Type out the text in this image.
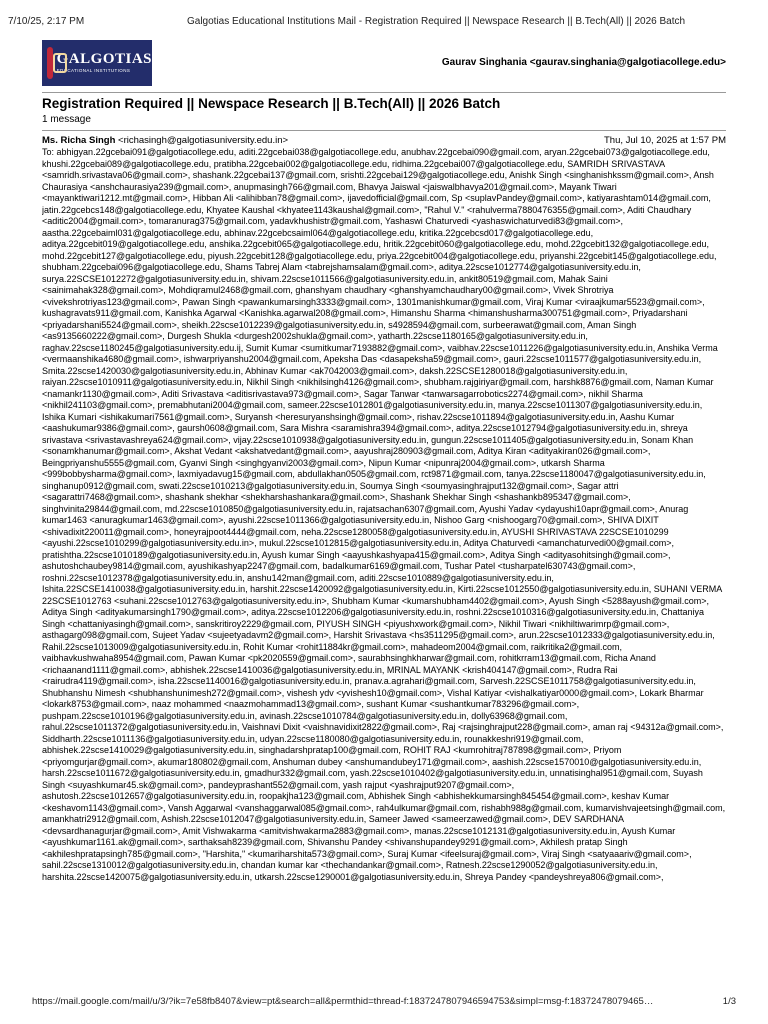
7/10/25, 2:17 PM	Galgotias Educational Institutions Mail - Registration Required || Newspace Research || B.Tech(All) || 2026 Batch
GALGOTIAS
EDUCATIONAL INSTITUTIONS
Gaurav Singhania <gaurav.singhania@galgotiacollege.edu>
Registration Required || Newspace Research || B.Tech(All) || 2026 Batch
1 message
Ms. Richa Singh <richasingh@galgotiasuniversity.edu.in>	Thu, Jul 10, 2025 at 1:57 PM
To: abhigyan.22gcebai091@galgotiacollege.edu, aditi.22gcebai038@galgotiacollege.edu, anubhav.22gcebai090@gmail.com, aryan.22gcebai073@galgotiacollege.edu, khushi.22gcebai089@galgotiacollege.edu, pratibha.22gcebai002@galgotiacollege.edu, ridhima.22gcebai007@galgotiacollege.edu, SAMRIDH SRIVASTAVA <samridh.srivastava06@gmail.com>, shashank.22gcebai137@gmail.com, srishti.22gcebai129@galgotiacollege.edu, Anishk Singh <singhanishkssm@gmail.com>, Ansh Chaurasiya <anshchaurasiya239@gmail.com>, anupmasingh766@gmail.com, Bhavya Jaiswal <jaiswalbhavya201@gmail.com>, Mayank Tiwari <mayanktiwari1212.mt@gmail.com>, Hibban Ali <alihibban78@gmail.com>, ijavedofficial@gmail.com, Sp <suplavPandey@gmail.com>, katiyarashtam014@gmail.com, jatin.22gcebcs148@galgotiacollege.edu, Khyatee Kaushal <khyatee1143kaushal@gmail.com>, "Rahul V." <rahulverma7880476355@gmail.com>, Aditi Chaudhary <aditic2004@gmail.com>, tomaranurag375@gmail.com, yadavkhushistr@gmail.com, Yashaswi Chaturvedi <yashaswichaturvedi83@gmail.com>, aastha.22gcebaiml031@galgotiacollege.edu, abhinav.22gcebcsaiml064@galgotiacollege.edu, kritika.22gcebcsd017@galgotiacollege.edu, aditya.22gcebit019@galgotiacollege.edu, anshika.22gcebit065@galgotiacollege.edu, hritik.22gcebit060@galgotiacollege.edu, mohd.22gcebit132@galgotiacollege.edu, mohd.22gcebit127@galgotiacollege.edu, piyush.22gcebit128@galgotiacollege.edu, priya.22gcebit004@galgotiacollege.edu, priyanshi.22gcebit145@galgotiacollege.edu, shubham.22gcebai096@galgotiacollege.edu, Shams Tabrej Alam <tabrejshamsalam@gmail.com>, aditya.22scse1012774@galgotiasuniversity.edu.in, surya.22SCSE1012272@galgotiasuniversity.edu.in, shivam.22scse1011566@galgotiasuniversity.edu.in, ankit80519@gmail.com, Mahak Saini <sainimahak328@gmail.com>, Mohdiqramul2468@gmail.com, ghanshyam chaudhary <ghanshyamchaudhary00@gmail.com>, Vivek Shrotriya <vivekshrotriyas123@gmail.com>, Pawan Singh <pawankumarsingh3333@gmail.com>, 1301manishkumar@gmail.com, Viraj Kumar <viraajkumar5523@gmail.com>, kushagravats911@gmail.com, Kanishka Agarwal <Kanishka.agarwal208@gmail.com>, Himanshu Sharma <himanshusharma300751@gmail.com>, Priyadarshani <priyadarshani5524@gmail.com>, sheikh.22scse1012239@galgotiasuniversity.edu.in, s4928594@gmail.com, surbeerawat@gmail.com, Aman Singh <as9135660222@gmail.com>, Durgesh Shukla <durgesh2002shukla@gmail.com>, yatharth.22scse1180165@galgotiasuniversity.edu.in, raghav.22scse1180245@galgotiasuniversity.edu.ij, Sumit Kumar <sumitkumar7193882@gmail.com>, vaibhav.22scse1011226@galgotiasuniversity.edu.in, Anshika Verma <vermaanshika4680@gmail.com>, ishwarpriyanshu2004@gmail.com, Apeksha Das <dasapeksha59@gmail.com>, gauri.22scse1011577@galgotiasuniversity.edu.in, Smita.22scse1420030@galgotiasuniversity.edu.in, Abhinav Kumar <ak7042003@gmail.com>, daksh.22SCSE1280018@galgotiasuniversity.edu.in, raiyan.22scse1010911@galgotiasuniversity.edu.in, Nikhil Singh <nikhilsingh4126@gmail.com>, shubham.rajgiriyar@gmail.com, harshk8876@gmail.com, Naman Kumar <namankr1130@gmail.com>, Aditi Srivastava <aditisrivastava973@gmail.com>, Sagar Tanwar <tanwarsagarrobotics2274@gmail.com>, nikhil Sharma <nikhil241103@gmail.com>, premabhutani2004@gmail.com, sameer.22scse1012801@galgotiasuniversity.edu.in, manya.22scse1011307@galgotiasuniversity.edu.in, Ishika Kumari <ishikakumari7561@gmail.com>, Suryansh <heresuryanshsingh@gmail.com>, rishav.22scse1011894@galgotiasuniversity.edu.in, Aashu Kumar <aashukumar9386@gmail.com>, gaursh0608@gmail.com, Sara Mishra <saramishra394@gmail.com>, aditya.22scse1012794@galgotiasuniversity.edu.in, shreya srivastava <srivastavashreya624@gmail.com>, vijay.22scse1010938@galgotiasuniversity.edu.in, gungun.22scse1011405@galgotiasuniversity.edu.in, Sonam Khan <sonamkhanumar@gmail.com>, Akshat Vedant <akshatvedant@gmail.com>, aayushraj280903@gmail.com, Aditya Kiran <adityakiran026@gmail.com>, Beingpriyanshu5555@gmail.com, Gyanvi Singh <singhgyanvi2003@gmail.com>, Nipun Kumar <nipunraj2004@gmail.com>, utkarsh Sharma <999bobbysharma@gmail.com>, laxmiyadavug15@gmail.com, abdullakhan0505@gmail.com, rct9871@gmail.com, tanya.22scse1180047@galgotiasuniversity.edu.in, singhanup0912@gmail.com, swati.22scse1010213@galgotiasuniversity.edu.in, Soumya Singh <soumyasinghrajput132@gmail.com>, Sagar attri <sagarattri7468@gmail.com>, shashank shekhar <shekharshashankara@gmail.com>, Shashank Shekhar Singh <shashankb895347@gmail.com>, singhvinita29844@gmail.com, md.22scse1010850@galgotiasuniversity.edu.in, rajatsachan6307@gmail.com, Ayushi Yadav <ydayushi10apr@gmail.com>, Anurag kumar1463 <anuragkumar1463@gmail.com>, ayushi.22scse1011366@galgotiasuniversity.edu.in, Nishoo Garg <nishoogarg70@gmail.com>, SHIVA DIXIT <shivadixit220011@gmail.com>, honeyrajpoot4444@gmail.com, neha.22scse1280058@galgotiasuniversity.edu.in, AYUSHI SHRIVASTAVA 22SCSE1010299 <ayushi.22scse1010299@galgotiasuniversity.edu.in>, mukul.22scse1012815@galgotiasuniversity.edu.in, Aditya Chaturvedi <amanchaturvedi00@gmail.com>, pratishtha.22scse1010189@galgotiasuniversity.edu.in, Ayush kumar Singh <aayushkashyapa415@gmail.com>, Aditya Singh <adityasohitsingh@gmail.com>, ashutoshchaubey9814@gmail.com, ayushikashyap2247@gmail.com, badalkumar6169@gmail.com, Tushar Patel <tusharpatel630743@gmail.com>, roshni.22scse1012378@galgotiasuniversity.edu.in, anshu142man@gmail.com, aditi.22scse1010889@galgotiasuniversity.edu.in, Ishita.22SCSE1410038@galgotiasuniversity.edu.in, harshit.22scse1420092@galgotiasuniversity.edu.in, Kirti.22scse1012550@galgotiasuniversity.edu.in, SUHANI VERMA 22SCSE1012763 <suhani.22scse1012763@galgotiasuniversity.edu.in>, Shubham Kumar <kumarshubham4402@gmail.com>, Ayush Singh <5288ayush@gmail.com>, Aditya Singh <adityakumarsingh1790@gmail.com>, aditya.22scse1012206@galgotiasuniversity.edu.in, roshni.22scse1010316@galgotiasuniversity.edu.in, Chattaniya Singh <chattaniyasingh@gmail.com>, sanskritiroy2229@gmail.com, PIYUSH SINGH <piyushxwork@gmail.com>, Nikhil Tiwari <nikhiltiwarimrp@gmail.com>, asthagarg098@gmail.com, Sujeet Yadav <sujeetyadavm2@gmail.com>, Harshit Srivastava <hs3511295@gmail.com>, arun.22scse1012333@galgotiasuniversity.edu.in, Rahil.22scse1013009@galgotiasuniversity.edu.in, Rohit Kumar <rohit11884kr@gmail.com>, mahadeom2004@gmail.com, raikritika2@gmail.com, vaibhavkushwaha8954@gmail.com, Pawan Kumar <pk2020559@gmail.com>, saurabhsinghkharwar@gmail.com, rohitkrram13@gmail.com, Richa Anand <richaanand1111@gmail.com>, abhishek.22scse1410036@galgotiasuniversity.edu.in, MRINAL MAYANK <krish404147@gmail.com>, Rudra Rai <rairudra4119@gmail.com>, isha.22scse1140016@galgotiasuniversity.edu.in, pranav.a.agrahari@gmail.com, Sarvesh.22SCSE1011758@galgotiasuniversity.edu.in, Shubhanshu Nimesh <shubhanshunimesh272@gmail.com>, vishesh ydv <yvishesh10@gmail.com>, Vishal Katiyar <vishalkatiyar0000@gmail.com>, Lokark Bharmar <lokark8753@gmail.com>, naaz mohammed <naazmohammad13@gmail.com>, sushant Kumar <sushantkumar783296@gmail.com>, pushpam.22scse1010196@galgotiasuniversity.edu.in, avinash.22scse1010784@galgotiasuniversity.edu.in, dolly63968@gmail.com, rahul.22scse1011372@galgotiasuniversity.edu.in, Vaishnavi Dixit <vaishnavidixit2822@gmail.com>, Raj <rajsinghrajput228@gmail.com>, aman raj <94312a@gmail.com>, Siddharth.22scse1011136@galgotiasuniversity.edu.in, udyan.22scse1180080@galgotiasuniversity.edu.in, rounakkeshri919@gmail.com, abhishek.22scse1410029@galgotiasuniversity.edu.in, singhadarshpratap100@gmail.com, ROHIT RAJ <kumrohitraj787898@gmail.com>, Priyom <priyomgurjar@gmail.com>, akumar180802@gmail.com, Anshuman dubey <anshumandubey171@gmail.com>, aashish.22scse1570010@galgotiasuniversity.edu.in, harsh.22scse1011672@galgotiasuniversity.edu.in, gmadhur332@gmail.com, yash.22scse1010402@galgotiasuniversity.edu.in, unnatisinghal951@gmail.com, Suyash Singh <suyashkumar45.sk@gmail.com>, pandeyprashant552@gmail.com, yash rajput <yashrajput9207@gmail.com>, ashutosh.22scse1012657@galgotiasuniversity.edu.in, roopakjha123@gmail.com, Abhishek Singh <abhishekkumarsingh845454@gmail.com>, keshav Kumar <keshavom1143@gmail.com>, Vansh Aggarwal <vanshaggarwal085@gmail.com>, rah4ulkumar@gmail.com, rishabh988g@gmail.com, kumarvishvajeetsingh@gmail.com, amankhatri2912@gmail.com, Ashish.22scse1012047@galgotiasuniversity.edu.in, Sameer Jawed <sameerzawed@gmail.com>, DEV SARDHANA <devsardhanagurjar@gmail.com>, Amit Vishwakarma <amitvishwakarma2883@gmail.com>, manas.22scse1012131@galgotiasuniversity.edu.in, Ayush Kumar <ayushkumar1161.ak@gmail.com>, sarthaksah8239@gmail.com, Shivanshu Pandey <shivanshupandey9291@gmail.com>, Akhilesh pratap Singh <akhileshpratapsingh785@gmail.com>, "Harshita," <kumariharshita573@gmail.com>, Suraj Kumar <ifeelsuraj@gmail.com>, Viraj Singh <satyaaariv@gmail.com>, sahil.22scse1310012@galgotiasuniversity.edu.in, chandan kumar kar <thechandankar@gmail.com>, Ratnesh.22scse1290052@galgotiasuniversity.edu.in, harshita.22scse1420075@galgotiasuniversity.edu.in, utkarsh.22scse1290001@galgotiasuniversity.edu.in, Shreya Pandey <pandeyshreya806@gmail.com>,
https://mail.google.com/mail/u/3/?ik=7e58fb8407&view=pt&search=all&permthid=thread-f:1837247807946594753&simpl=msg-f:18372478079465…	1/3
